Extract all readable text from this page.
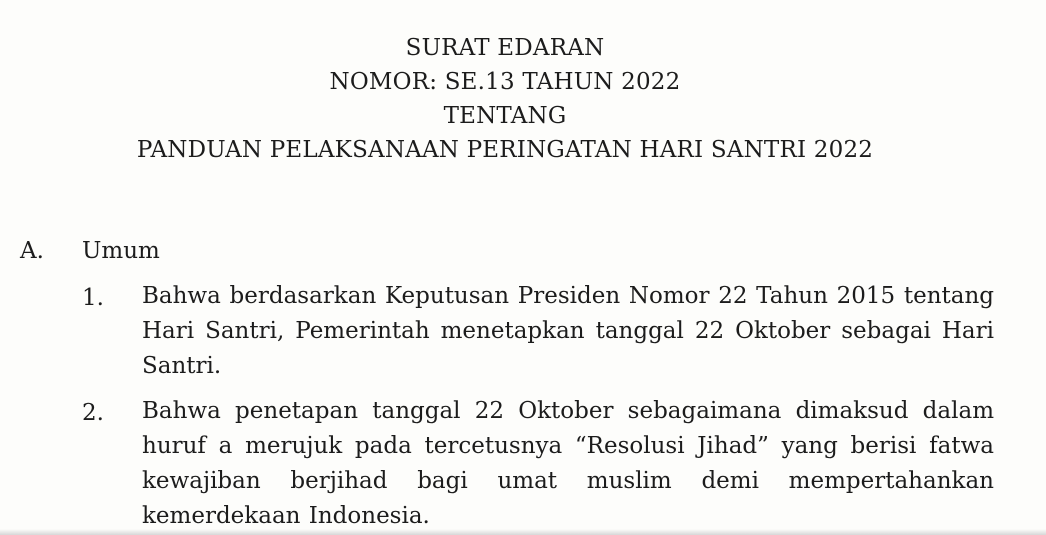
SURAT EDARAN
NOMOR: SE.13 TAHUN 2022
TENTANG
PANDUAN PELAKSANAAN PERINGATAN HARI SANTRI 2022
A. Umum
1. Bahwa berdasarkan Keputusan Presiden Nomor 22 Tahun 2015 tentang Hari Santri, Pemerintah menetapkan tanggal 22 Oktober sebagai Hari Santri.
2. Bahwa penetapan tanggal 22 Oktober sebagaimana dimaksud dalam huruf a merujuk pada tercetusnya “Resolusi Jihad” yang berisi fatwa kewajiban berjihad bagi umat muslim demi mempertahankan kemerdekaan Indonesia.
